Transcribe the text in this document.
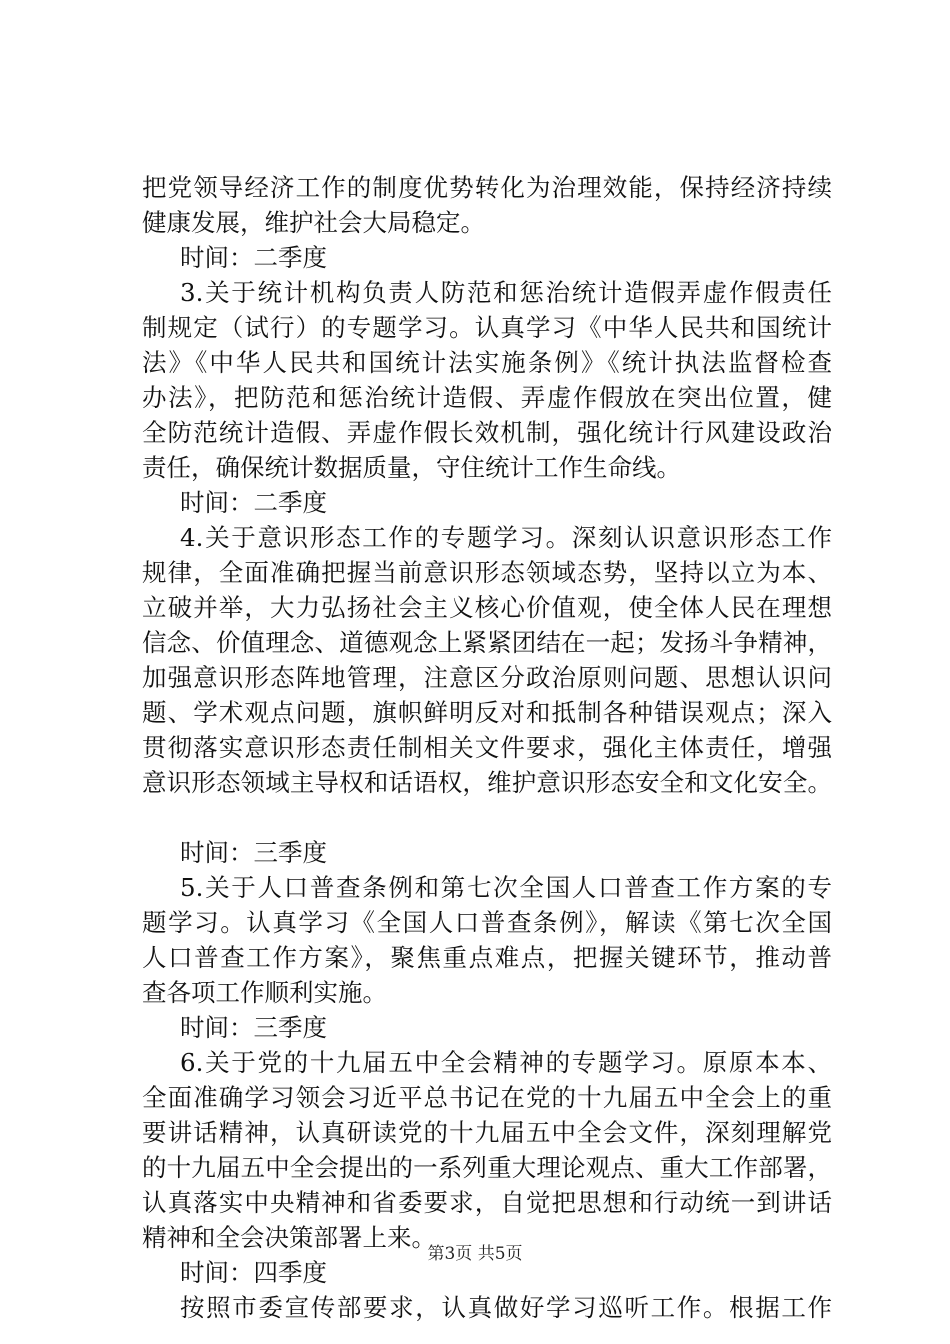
把党领导经济工作的制度优势转化为治理效能，保持经济持续
健康发展，维护社会大局稳定。
时间：二季度
3.关于统计机构负责人防范和惩治统计造假弄虚作假责任
制规定（试行）的专题学习。认真学习《中华人民共和国统计
法》《中华人民共和国统计法实施条例》《统计执法监督检查
办法》，把防范和惩治统计造假、弄虚作假放在突出位置，健
全防范统计造假、弄虚作假长效机制，强化统计行风建设政治
责任，确保统计数据质量，守住统计工作生命线。
时间：二季度
4.关于意识形态工作的专题学习。深刻认识意识形态工作
规律，全面准确把握当前意识形态领域态势，坚持以立为本、
立破并举，大力弘扬社会主义核心价值观，使全体人民在理想
信念、价值理念、道德观念上紧紧团结在一起；发扬斗争精神，
加强意识形态阵地管理，注意区分政治原则问题、思想认识问
题、学术观点问题，旗帜鲜明反对和抵制各种错误观点；深入
贯彻落实意识形态责任制相关文件要求，强化主体责任，增强
意识形态领域主导权和话语权，维护意识形态安全和文化安全。
时间：三季度
5.关于人口普查条例和第七次全国人口普查工作方案的专
题学习。认真学习《全国人口普查条例》，解读《第七次全国
人口普查工作方案》，聚焦重点难点，把握关键环节，推动普
查各项工作顺利实施。
时间：三季度
6.关于党的十九届五中全会精神的专题学习。原原本本、
全面准确学习领会习近平总书记在党的十九届五中全会上的重
要讲话精神，认真研读党的十九届五中全会文件，深刻理解党
的十九届五中全会提出的一系列重大理论观点、重大工作部署，
认真落实中央精神和省委要求，自觉把思想和行动统一到讲话
精神和全会决策部署上来。
时间：四季度
按照市委宣传部要求，认真做好学习巡听工作。根据工作
第3页 共5页
